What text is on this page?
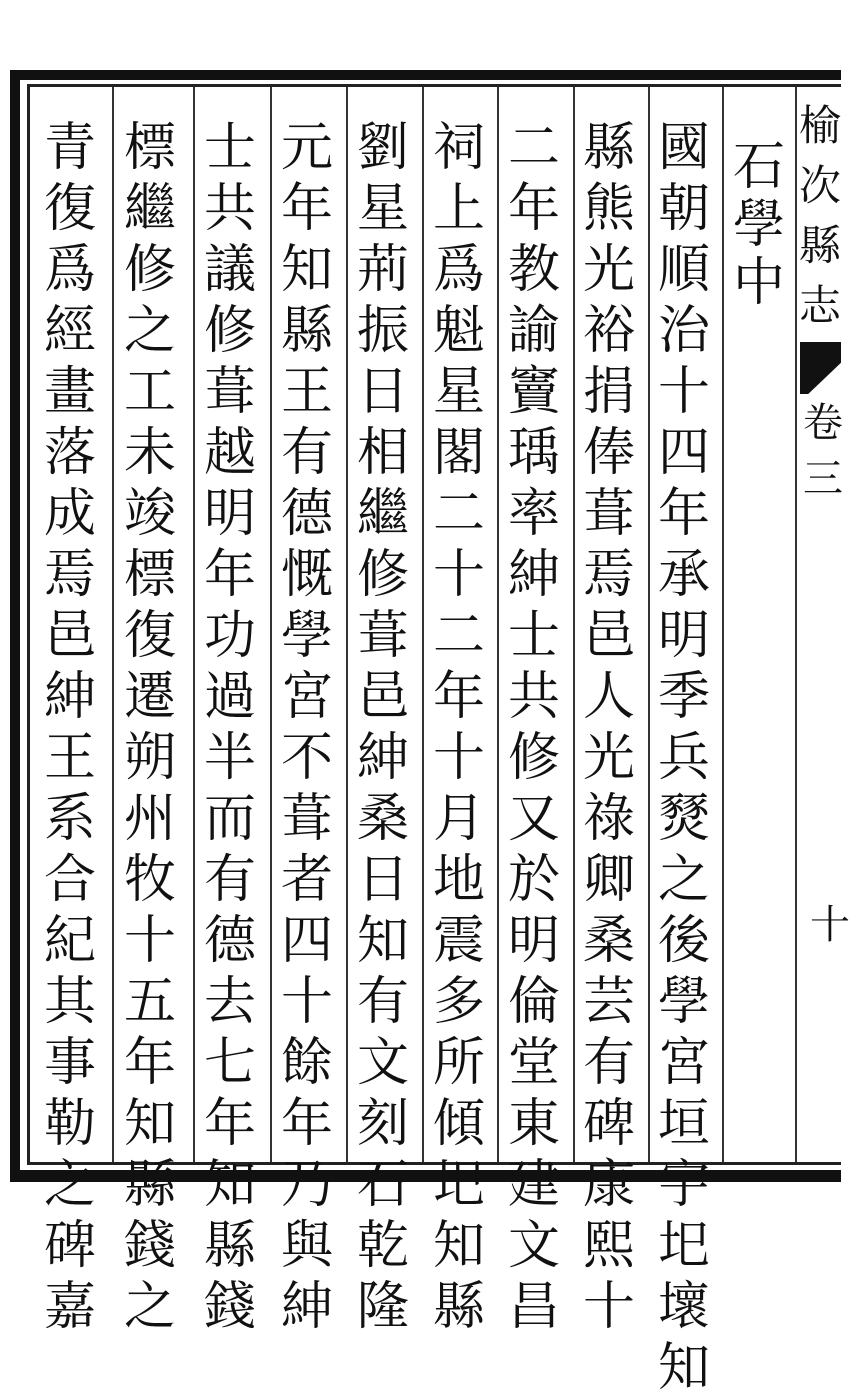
榆
次
縣
志
卷
三
十
石
學
中
國
朝
順
治
十
四
年
承
明
季
兵
燹
之
後
學
宮
垣
宇
圯
壞
知
縣
熊
光
裕
捐
俸
葺
焉
邑
人
光
祿
卿
桑
芸
有
碑
康
熙
十
二
年
教
諭
竇
瑀
率
紳
士
共
修
又
於
明
倫
堂
東
建
文
昌
祠
上
爲
魁
星
閣
二
十
二
年
十
月
地
震
多
所
傾
圯
知
縣
劉
星
荊
振
日
相
繼
修
葺
邑
紳
桑
日
知
有
文
刻
石
乾
隆
元
年
知
縣
王
有
德
慨
學
宮
不
葺
者
四
十
餘
年
乃
與
紳
士
共
議
修
葺
越
明
年
功
過
半
而
有
德
去
七
年
知
縣
錢
標
繼
修
之
工
未
竣
標
復
遷
朔
州
牧
十
五
年
知
縣
錢
之
青
復
爲
經
畫
落
成
焉
邑
紳
王
系
合
紀
其
事
勒
之
碑
嘉
